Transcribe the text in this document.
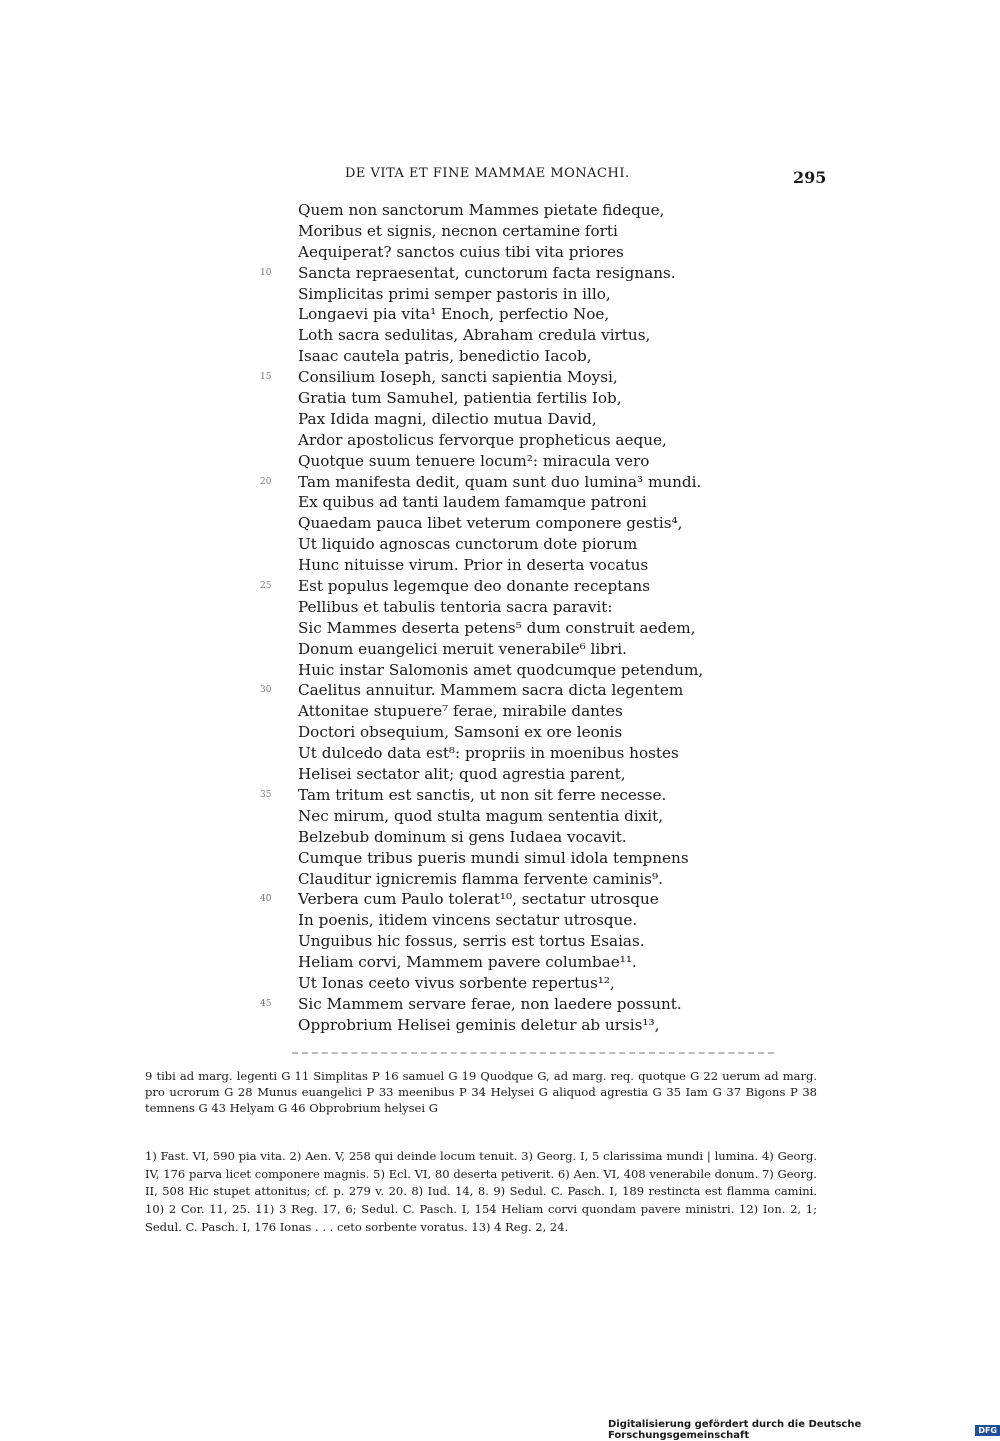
DE VITA ET FINE MAMMAE MONACHI.	295
Quem non sanctorum Mammes pietate fideque,
Moribus et signis, necnon certamine forti
Aequiperat? sanctos cuius tibi vita priores
10 Sancta repraesentat, cunctorum facta resignans.
Simplicitas primi semper pastoris in illo,
Longaevi pia vita¹ Enoch, perfectio Noe,
Loth sacra sedulitas, Abraham credula virtus,
Isaac cautela patris, benedictio Iacob,
15 Consilium Ioseph, sancti sapientia Moysi,
Gratia tum Samuhel, patientia fertilis Iob,
Pax Idida magni, dilectio mutua David,
Ardor apostolicus fervorque propheticus aeque,
Quotque suum tenuere locum²: miracula vero
20 Tam manifesta dedit, quam sunt duo lumina³ mundi.
Ex quibus ad tanti laudem famamque patroni
Quaedam pauca libet veterum componere gestis⁴,
Ut liquido agnoscas cunctorum dote piorum
Hunc nituisse virum. Prior in deserta vocatus
25 Est populus legemque deo donante receptans
Pellibus et tabulis tentoria sacra paravit:
Sic Mammes deserta petens⁵ dum construit aedem,
Donum euangelici meruit venerabile⁶ libri.
Huic instar Salomonis amet quodcumque petendum,
30 Caelitus annuitur. Mammem sacra dicta legentem
Attonitae stupuere⁷ ferae, mirabile dantes
Doctori obsequium, Samsoni ex ore leonis
Ut dulcedo data est⁸: propriis in moenibus hostes
Helisei sectator alit; quod agrestia parent,
35 Tam tritum est sanctis, ut non sit ferre necesse.
Nec mirum, quod stulta magum sententia dixit,
Belzebub dominum si gens Iudaea vocavit.
Cumque tribus pueris mundi simul idola tempnens
Clauditur ignicremis flamma fervente caminis⁹.
40 Verbera cum Paulo tolerat¹⁰, sectatur utrosque
In poenis, itidem vincens sectatur utrosque.
Unguibus hic fossus, serris est tortus Esaias.
Heliam corvi, Mammem pavere columbae¹¹.
Ut Ionas ceeto vivus sorbente repertus¹²,
45 Sic Mammem servare ferae, non laedere possunt.
Opprobrium Helisei geminis deletur ab ursis¹³,
9 tibi ad marg. legenti G 11 Simplitas P 16 samuel G 19 Quodque G, ad marg. req. quotque G 22 uerum ad marg. pro ucrorum G 28 Munus euangelici P 33 meenibus P 34 Helysei G aliquod agrestia G 35 Iam G 37 Bigons P 38 temnens G 43 Helyam G 46 Obprobrium helysei G
1) Fast. VI, 590 pia vita. 2) Aen. V, 258 qui deinde locum tenuit. 3) Georg. I, 5 clarissima mundi | lumina. 4) Georg. IV, 176 parva licet componere magnis. 5) Ecl. VI, 80 deserta petiverit. 6) Aen. VI, 408 venerabile donum. 7) Georg. II, 508 Hic stupet attonitus; cf. p. 279 v. 20. 8) Iud. 14, 8. 9) Sedul. C. Pasch. I, 189 restincta est flamma camini. 10) 2 Cor. 11, 25. 11) 3 Reg. 17, 6; Sedul. C. Pasch. I, 154 Heliam corvi quondam pavere ministri. 12) Ion. 2, 1; Sedul. C. Pasch. I, 176 Ionas . . . ceto sorbente voratus. 13) 4 Reg. 2, 24.
Digitalisierung gefördert durch die Deutsche Forschungsgemeinschaft	DFG
